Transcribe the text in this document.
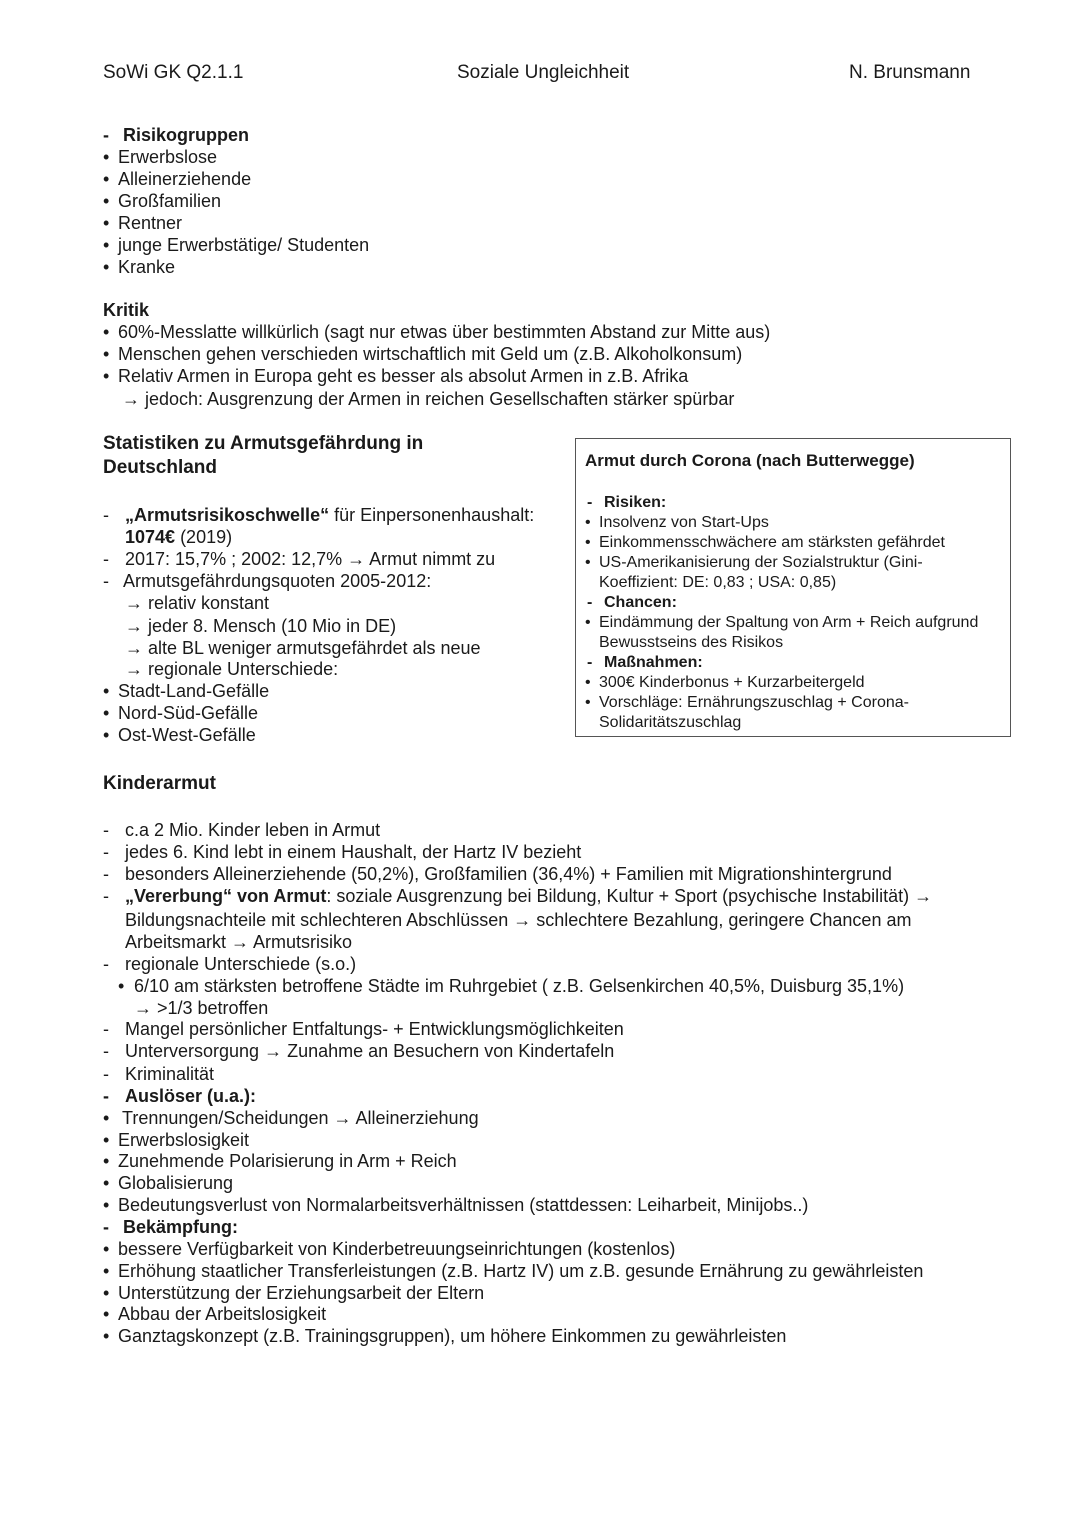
SoWi GK Q2.1.1	Soziale Ungleichheit	N. Brunsmann
- Risikogruppen
• Erwerbslose
• Alleinerziehende
• Großfamilien
• Rentner
• junge Erwerbstätige/ Studenten
• Kranke
Kritik
• 60%-Messlatte willkürlich (sagt nur etwas über bestimmten Abstand zur Mitte aus)
• Menschen gehen verschieden wirtschaftlich mit Geld um (z.B. Alkoholkonsum)
• Relativ Armen in Europa geht es besser als absolut Armen in z.B. Afrika
→ jedoch: Ausgrenzung der Armen in reichen Gesellschaften stärker spürbar
Statistiken zu Armutsgefährdung in
Deutschland
- „Armutsrisikoschwelle“ für Einpersonenhaushalt:
1074€ (2019)
- 2017: 15,7% ; 2002: 12,7% → Armut nimmt zu
- Armutsgefährdungsquoten 2005-2012:
→ relativ konstant
→ jeder 8. Mensch (10 Mio in DE)
→ alte BL weniger armutsgefährdet als neue
→ regionale Unterschiede:
• Stadt-Land-Gefälle
• Nord-Süd-Gefälle
• Ost-West-Gefälle
Armut durch Corona (nach Butterwegge)
- Risiken:
• Insolvenz von Start-Ups
• Einkommensschwächere am stärksten gefährdet
• US-Amerikanisierung der Sozialstruktur (Gini-
Koeffizient: DE: 0,83 ; USA: 0,85)
- Chancen:
• Eindämmung der Spaltung von Arm + Reich aufgrund
Bewusstseins des Risikos
- Maßnahmen:
• 300€ Kinderbonus + Kurzarbeitergeld
• Vorschläge: Ernährungszuschlag + Corona-
Solidaritätszuschlag
Kinderarmut
- c.a 2 Mio. Kinder leben in Armut
- jedes 6. Kind lebt in einem Haushalt, der Hartz IV bezieht
- besonders Alleinerziehende (50,2%), Großfamilien (36,4%) + Familien mit Migrationshintergrund
- „Vererbung“ von Armut: soziale Ausgrenzung bei Bildung, Kultur + Sport (psychische Instabilität) →
Bildungsnachteile mit schlechteren Abschlüssen → schlechtere Bezahlung, geringere Chancen am
Arbeitsmarkt → Armutsrisiko
- regionale Unterschiede (s.o.)
• 6/10 am stärksten betroffene Städte im Ruhrgebiet ( z.B. Gelsenkirchen 40,5%, Duisburg 35,1%)
→ >1/3 betroffen
- Mangel persönlicher Entfaltungs- + Entwicklungsmöglichkeiten
- Unterversorgung → Zunahme an Besuchern von Kindertafeln
- Kriminalität
- Auslöser (u.a.):
• Trennungen/Scheidungen → Alleinerziehung
• Erwerbslosigkeit
• Zunehmende Polarisierung in Arm + Reich
• Globalisierung
• Bedeutungsverlust von Normalarbeitsverhältnissen (stattdessen: Leiharbeit, Minijobs..)
- Bekämpfung:
• bessere Verfügbarkeit von Kinderbetreuungseinrichtungen (kostenlos)
• Erhöhung staatlicher Transferleistungen (z.B. Hartz IV) um z.B. gesunde Ernährung zu gewährleisten
• Unterstützung der Erziehungsarbeit der Eltern
• Abbau der Arbeitslosigkeit
• Ganztagskonzept (z.B. Trainingsgruppen), um höhere Einkommen zu gewährleisten
